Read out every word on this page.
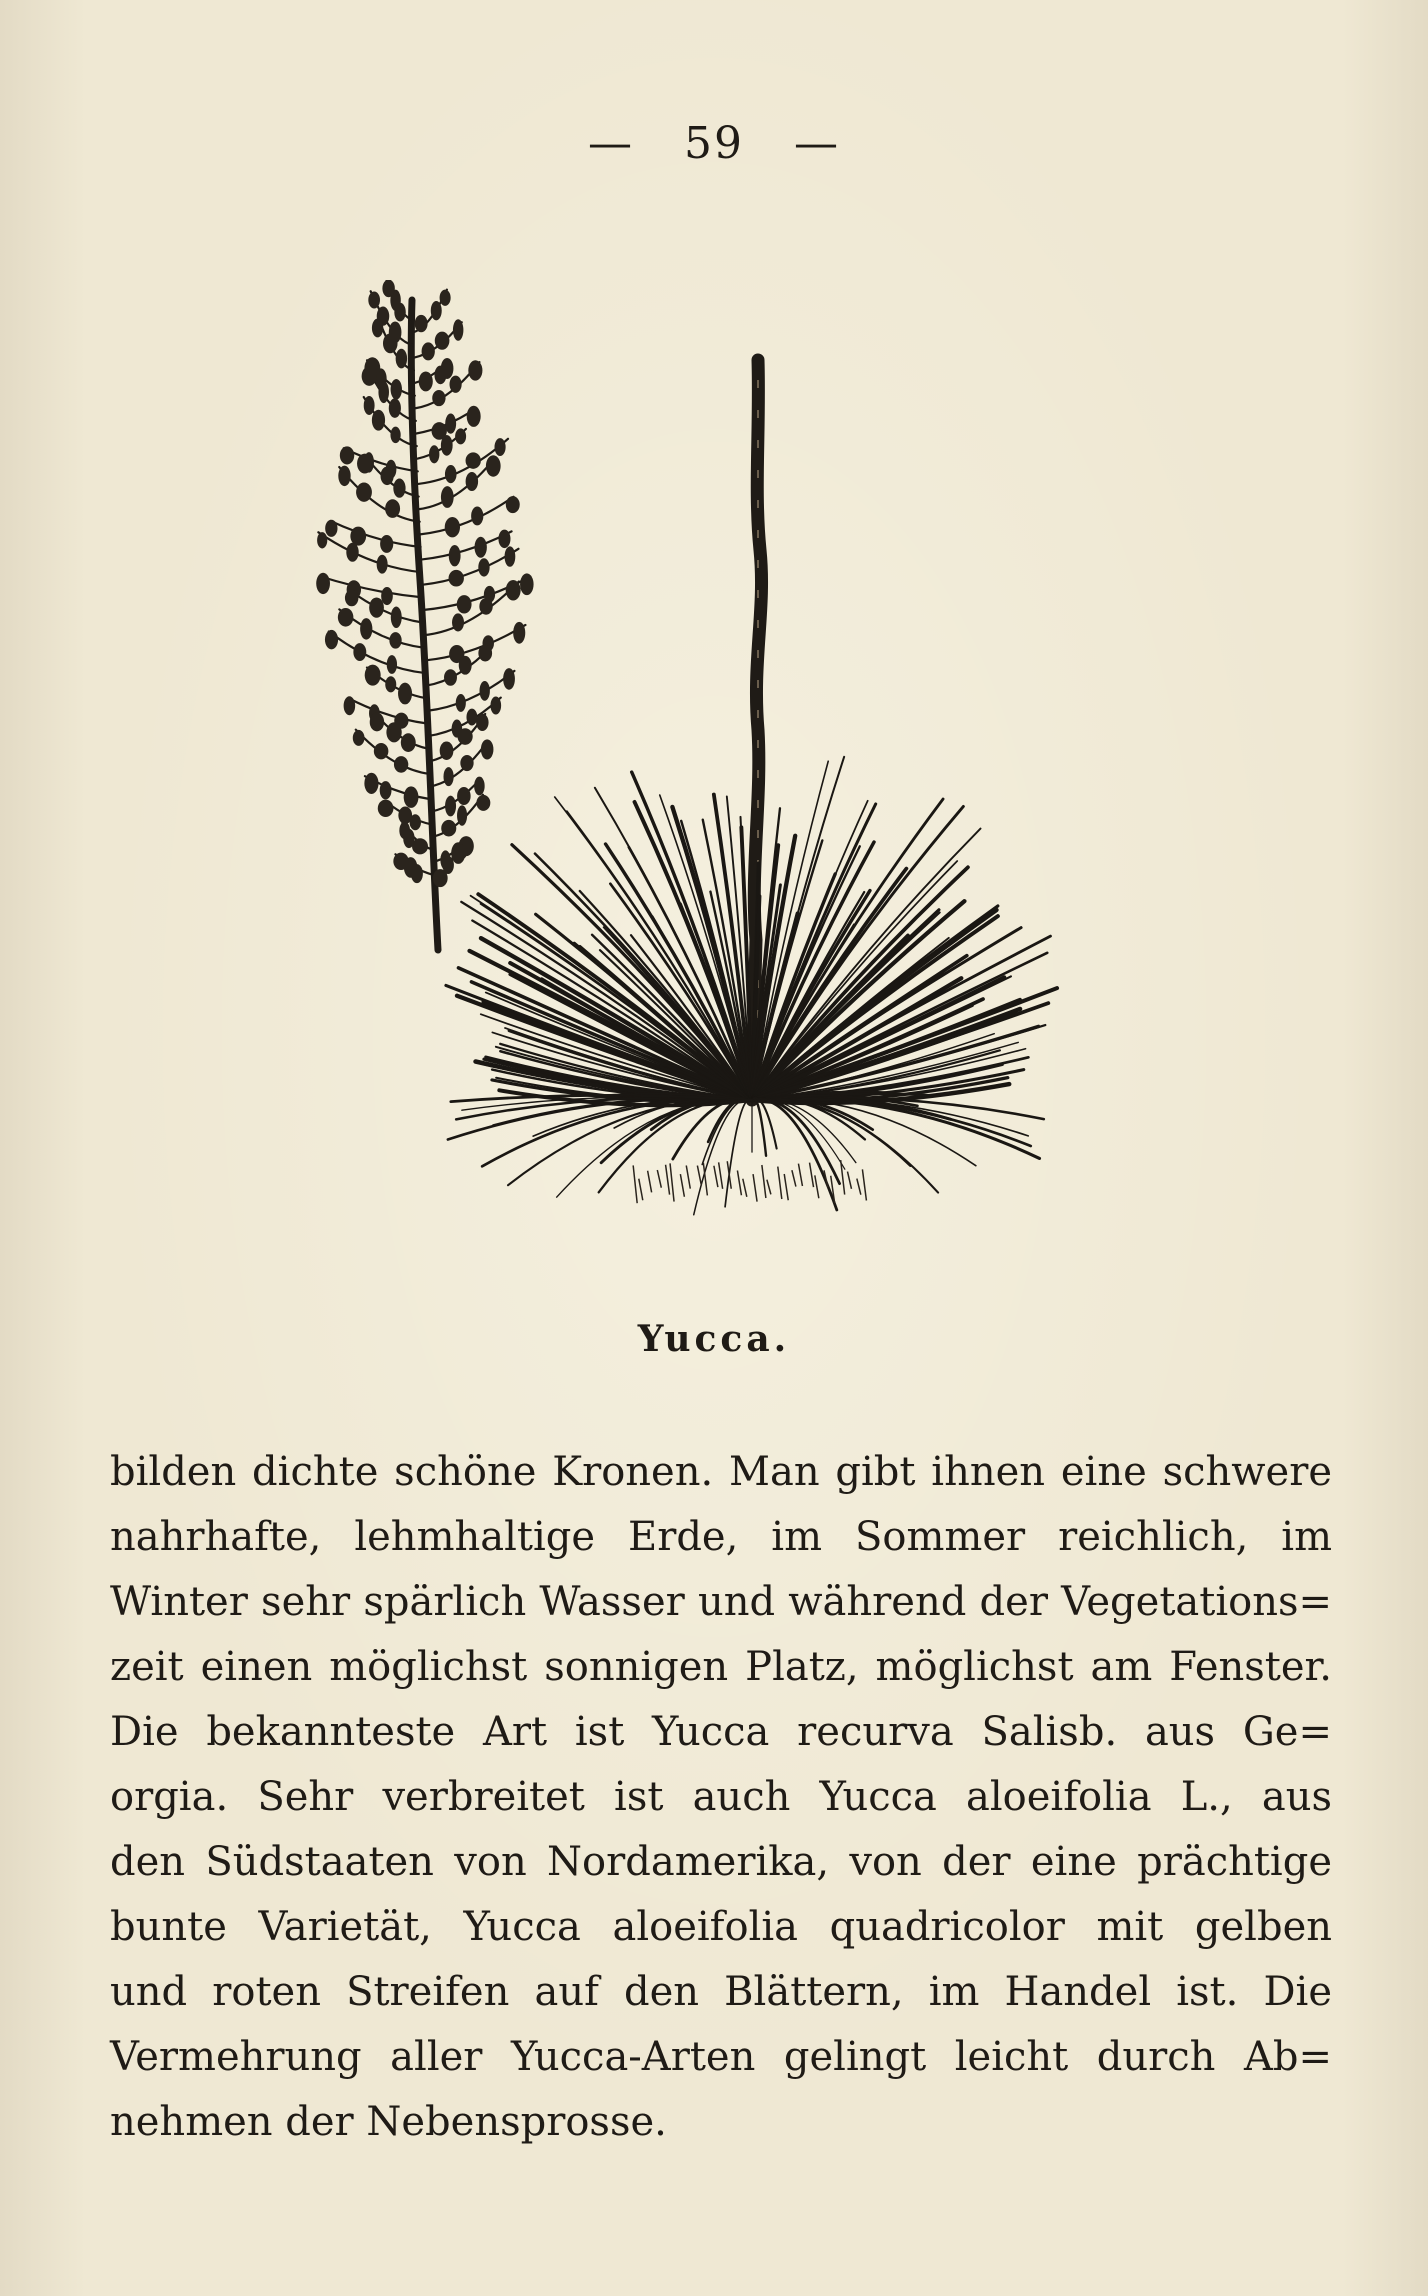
— 59 —
Yucca.
bilden dichte schöne Kronen. Man gibt ihnen eine schwere
nahrhafte, lehmhaltige Erde, im Sommer reichlich, im
Winter sehr spärlich Wasser und während der Vegetations=
zeit einen möglichst sonnigen Platz, möglichst am Fenster.
Die bekannteste Art ist Yucca recurva Salisb. aus Ge=
orgia. Sehr verbreitet ist auch Yucca aloeifolia L., aus
den Südstaaten von Nordamerika, von der eine prächtige
bunte Varietät, Yucca aloeifolia quadricolor mit gelben
und roten Streifen auf den Blättern, im Handel ist. Die
Vermehrung aller Yucca-Arten gelingt leicht durch Ab=
nehmen der Nebensprosse.
